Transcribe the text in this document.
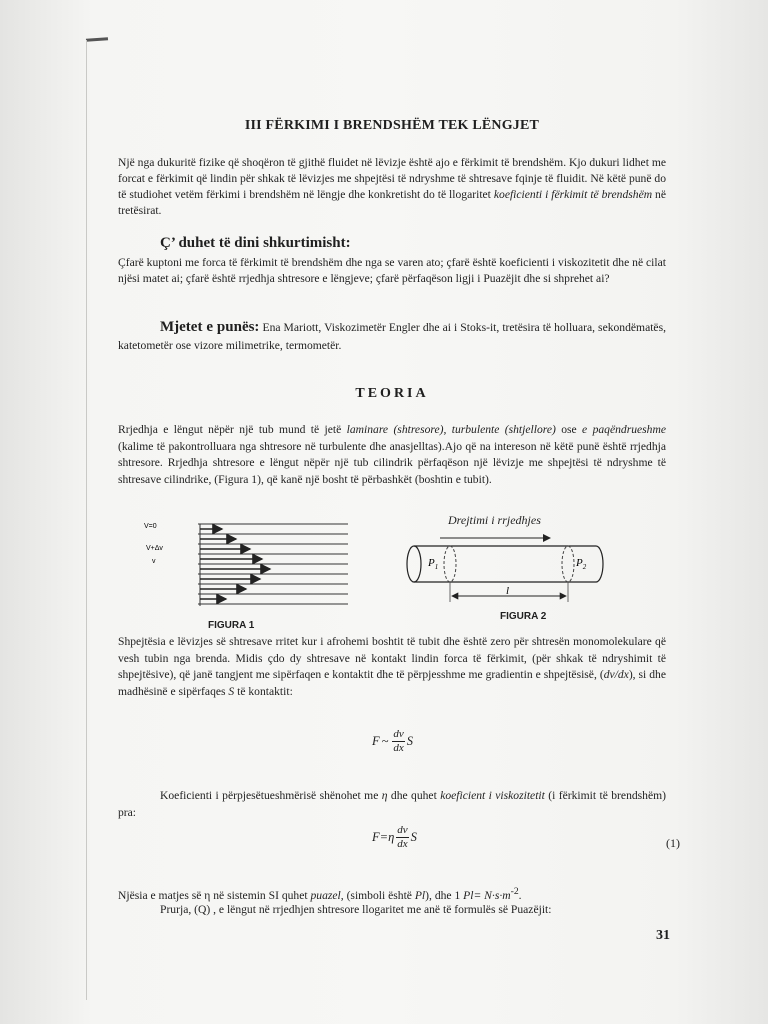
III FËRKIMI I BRENDSHËM TEK LËNGJET

Një nga dukuritë fizike që shoqëron të gjithë fluidet në lëvizje është ajo e fërkimit të brendshëm. Kjo dukuri lidhet me forcat e fërkimit që lindin për shkak të lëvizjes me shpejtësi të ndryshme të shtresave fqinje të fluidit. Në këtë punë do të studiohet vetëm fërkimi i brendshëm në lëngje dhe konkretisht do të llogaritet koeficienti i fërkimit të brendshëm në tretësirat.

Ç’ duhet të dini shkurtimisht:

Çfarë kuptoni me forca të fërkimit të brendshëm dhe nga se varen ato; çfarë është koeficienti i viskozitetit dhe në cilat njësi matet ai; çfarë është rrjedhja shtresore e lëngjeve; çfarë përfaqëson ligji i Puazëjit dhe si shprehet ai?

Mjetet e punës: Ena Mariott, Viskozimetër Engler dhe ai i Stoks-it, tretësira të holluara, sekondëmatës, katetometër ose vizore milimetrike, termometër.

TEORIA

Rrjedhja e lëngut nëpër një tub mund të jetë laminare (shtresore), turbulente (shtjellore) ose e paqëndrueshme (kalime të pakontrolluara nga shtresore në turbulente dhe anasjelltas).Ajo që na intereson në këtë punë është rrjedhja shtresore. Rrjedhja shtresore e lëngut nëpër një tub cilindrik përfaqëson një lëvizje me shpejtësi të ndryshme të shtresave cilindrike, (Figura 1), që kanë një bosht të përbashkët (boshtin e tubit).

Shpejtësia e lëvizjes së shtresave rritet kur i afrohemi boshtit të tubit dhe është zero për shtresën monomolekulare që vesh tubin nga brenda. Midis çdo dy shtresave në kontakt lindin forca të fërkimit, (për shkak të ndryshimit të shpejtësive), që janë tangjent me sipërfaqen e kontaktit dhe të përpjesshme me gradientin e shpejtësisë, (dv/dx), si dhe madhësinë e sipërfaqes S të kontaktit:

Koeficienti i përpjesëtueshmërisë shënohet me η dhe quhet koeficient i viskozitetit (i fërkimit të brendshëm) pra:

Njësia e matjes së η në sistemin SI quhet puazel, (simboli është Pl), dhe 1 $Pl= N\cdot s\cdot m^{-2}$.
Prurja, (Q) , e lëngut në rrjedhjen shtresore llogaritet me anë të formulës së Puazëjit:
V=0
V+Δv
v
FIGURA 1
Drejtimi i rrjedhjes
$P_1$	$P_2$
l
FIGURA 2
F ~ $\frac{dv}{dx}$ S
F = η $\frac{dv}{dx}$ S	(1)
31
